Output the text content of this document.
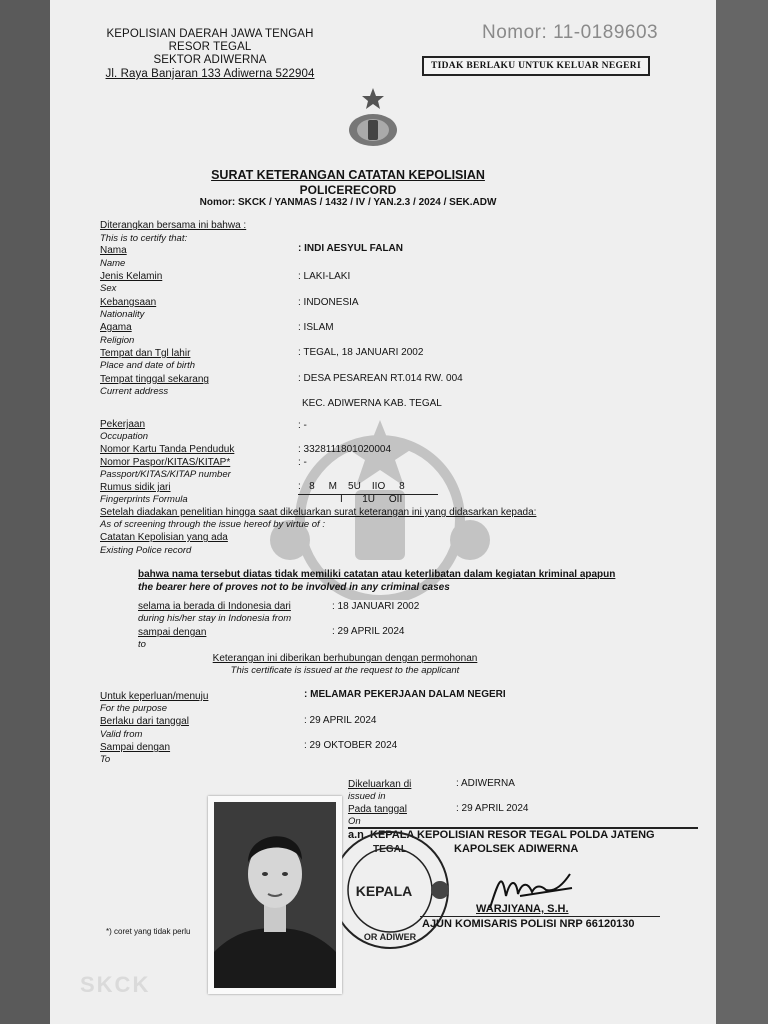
KEPOLISIAN DAERAH JAWA TENGAH
RESOR TEGAL
SEKTOR ADIWERNA
Jl. Raya Banjaran 133 Adiwerna 522904
Nomor: 11-0189603
TIDAK BERLAKU UNTUK KELUAR NEGERI
SURAT KETERANGAN CATATAN KEPOLISIAN
POLICERECORD
Nomor: SKCK / YANMAS / 1432 / IV / YAN.2.3 / 2024 / SEK.ADW
Diterangkan bersama ini bahwa :
This is to certify that:
Nama
Name
: INDI AESYUL FALAN
Jenis Kelamin
Sex
: LAKI-LAKI
Kebangsaan
Nationality
: INDONESIA
Agama
Religion
: ISLAM
Tempat dan Tgl lahir
Place and date of birth
: TEGAL, 18 JANUARI 2002
Tempat tinggal sekarang
Current address
: DESA PESAREAN RT.014 RW. 004
KEC. ADIWERNA KAB. TEGAL
Pekerjaan
Occupation
: -
Nomor Kartu Tanda Penduduk	: 3328111801020004
Nomor Paspor/KITAS/KITAP*
Passport/KITAS/KITAP number
: -
Rumus sidik jari
Fingerprints Formula
:   8     M    5U    IIO     8
I       1U     OII
Setelah diadakan penelitian hingga saat dikeluarkan surat keterangan ini yang didasarkan kepada:
As of screening through the issue hereof by virtue of :
Catatan Kepolisian yang ada
Existing Police record
bahwa nama tersebut diatas tidak memiliki catatan atau keterlibatan dalam kegiatan kriminal apapun
the bearer here of proves not to be involved in any criminal cases
selama ia berada di Indonesia dari
during his/her stay in Indonesia from
: 18 JANUARI 2002
sampai dengan
to
: 29 APRIL 2024
Keterangan ini diberikan berhubungan dengan permohonan
This certificate is issued at the request to the applicant
Untuk keperluan/menuju
For the purpose
: MELAMAR PEKERJAAN DALAM NEGERI
Berlaku dari tanggal
Valid from
: 29 APRIL 2024
Sampai dengan
To
: 29 OKTOBER 2024
Dikeluarkan di
issued in
: ADIWERNA
Pada tanggal
On
: 29 APRIL 2024
a.n. KEPALA KEPOLISIAN RESOR TEGAL POLDA JATENG
KAPOLSEK ADIWERNA
TEGAL
KEPALA
OR ADIWER
WARJIYANA, S.H.
AJUN KOMISARIS POLISI NRP 66120130
*) coret yang tidak perlu
SKCK
